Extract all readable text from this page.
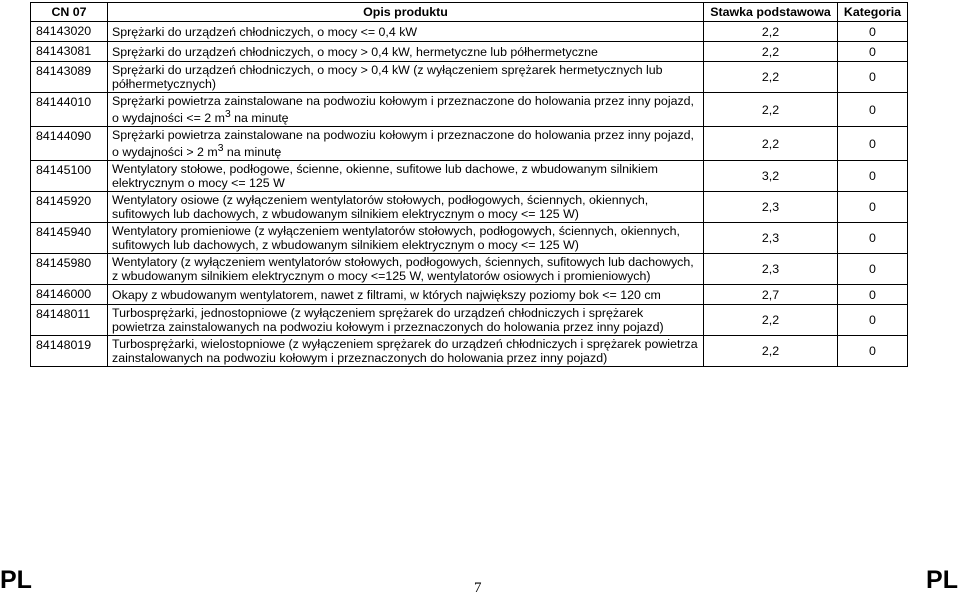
CN 07	Opis produktu	Stawka podstawowa	Kategoria
84143020	Sprężarki do urządzeń chłodniczych, o mocy <= 0,4 kW	2,2	0
84143081	Sprężarki do urządzeń chłodniczych, o mocy > 0,4 kW, hermetyczne lub półhermetyczne	2,2	0
84143089	Sprężarki do urządzeń chłodniczych, o mocy > 0,4 kW (z wyłączeniem sprężarek hermetycznych lub półhermetycznych)	2,2	0
84144010	Sprężarki powietrza zainstalowane na podwoziu kołowym i przeznaczone do holowania przez inny pojazd, o wydajności <= 2 $m^3$ na minutę	2,2	0
84144090	Sprężarki powietrza zainstalowane na podwoziu kołowym i przeznaczone do holowania przez inny pojazd, o wydajności > 2 $m^3$ na minutę	2,2	0
84145100	Wentylatory stołowe, podłogowe, ścienne, okienne, sufitowe lub dachowe, z wbudowanym silnikiem elektrycznym o mocy <= 125 W	3,2	0
84145920	Wentylatory osiowe (z wyłączeniem wentylatorów stołowych, podłogowych, ściennych, okiennych, sufitowych lub dachowych, z wbudowanym silnikiem elektrycznym o mocy <= 125 W)	2,3	0
84145940	Wentylatory promieniowe (z wyłączeniem wentylatorów stołowych, podłogowych, ściennych, okiennych, sufitowych lub dachowych, z wbudowanym silnikiem elektrycznym o mocy <= 125 W)	2,3	0
84145980	Wentylatory (z wyłączeniem wentylatorów stołowych, podłogowych, ściennych, sufitowych lub dachowych, z wbudowanym silnikiem elektrycznym o mocy <=125 W, wentylatorów osiowych i promieniowych)	2,3	0
84146000	Okapy z wbudowanym wentylatorem, nawet z filtrami, w których największy poziomy bok <= 120 cm	2,7	0
84148011	Turbosprężarki, jednostopniowe (z wyłączeniem sprężarek do urządzeń chłodniczych i sprężarek powietrza zainstalowanych na podwoziu kołowym i przeznaczonych do holowania przez inny pojazd)	2,2	0
84148019	Turbosprężarki, wielostopniowe (z wyłączeniem sprężarek do urządzeń chłodniczych i sprężarek powietrza zainstalowanych na podwoziu kołowym i przeznaczonych do holowania przez inny pojazd)	2,2	0
PL	7	PL
